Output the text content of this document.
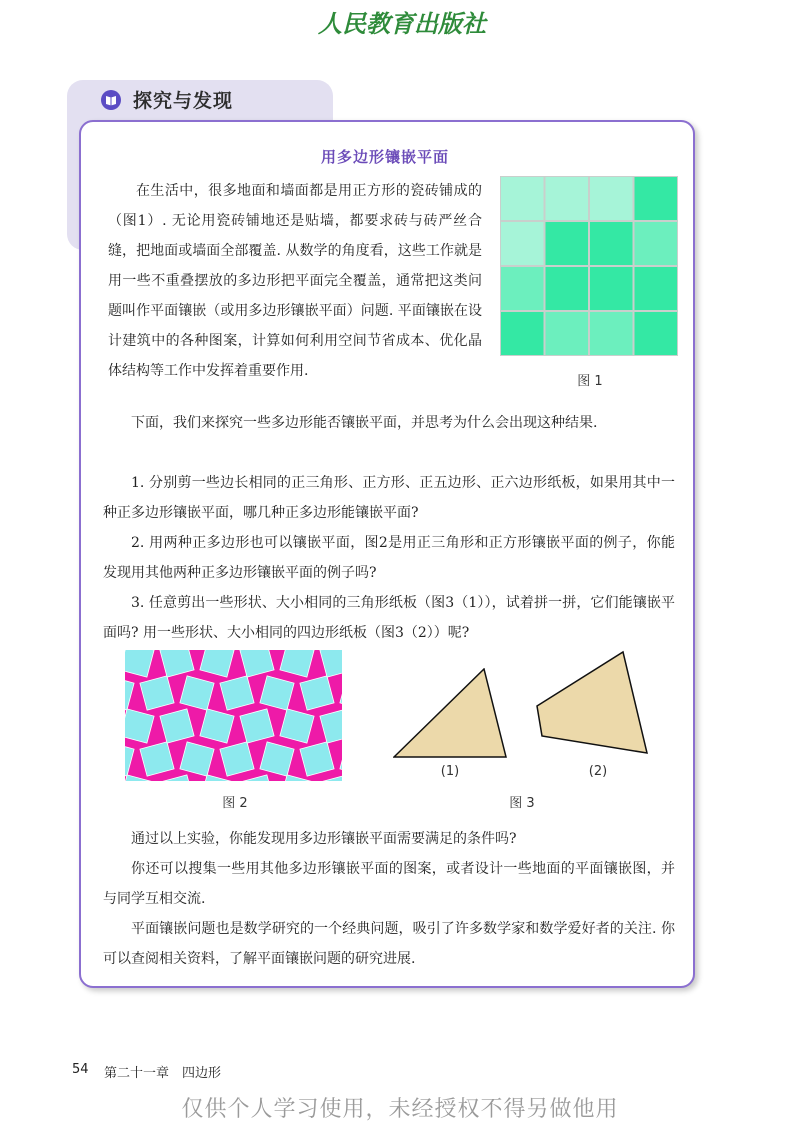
人民教育出版社
探究与发现
用多边形镶嵌平面

在生活中，很多地面和墙面都是用正方形的瓷砖铺成的（图1）. 无论用瓷砖铺地还是贴墙，都要求砖与砖严丝合缝，把地面或墙面全部覆盖. 从数学的角度看，这些工作就是用一些不重叠摆放的多边形把平面完全覆盖，通常把这类问题叫作平面镶嵌（或用多边形镶嵌平面）问题. 平面镶嵌在设计建筑中的各种图案，计算如何利用空间节省成本、优化晶体结构等工作中发挥着重要作用.

图 1

下面，我们来探究一些多边形能否镶嵌平面，并思考为什么会出现这种结果.

1. 分别剪一些边长相同的正三角形、正方形、正五边形、正六边形纸板，如果用其中一种正多边形镶嵌平面，哪几种正多边形能镶嵌平面?

2. 用两种正多边形也可以镶嵌平面，图2是用正三角形和正方形镶嵌平面的例子，你能发现用其他两种正多边形镶嵌平面的例子吗?

3. 任意剪出一些形状、大小相同的三角形纸板（图3（1）），试着拼一拼，它们能镶嵌平面吗? 用一些形状、大小相同的四边形纸板（图3（2））呢?

图 2
(1)	(2)
图 3

通过以上实验，你能发现用多边形镶嵌平面需要满足的条件吗?

你还可以搜集一些用其他多边形镶嵌平面的图案，或者设计一些地面的平面镶嵌图，并与同学互相交流.

平面镶嵌问题也是数学研究的一个经典问题，吸引了许多数学家和数学爱好者的关注. 你可以查阅相关资料，了解平面镶嵌问题的研究进展.

54 第二十一章　四边形
仅供个人学习使用，未经授权不得另做他用
